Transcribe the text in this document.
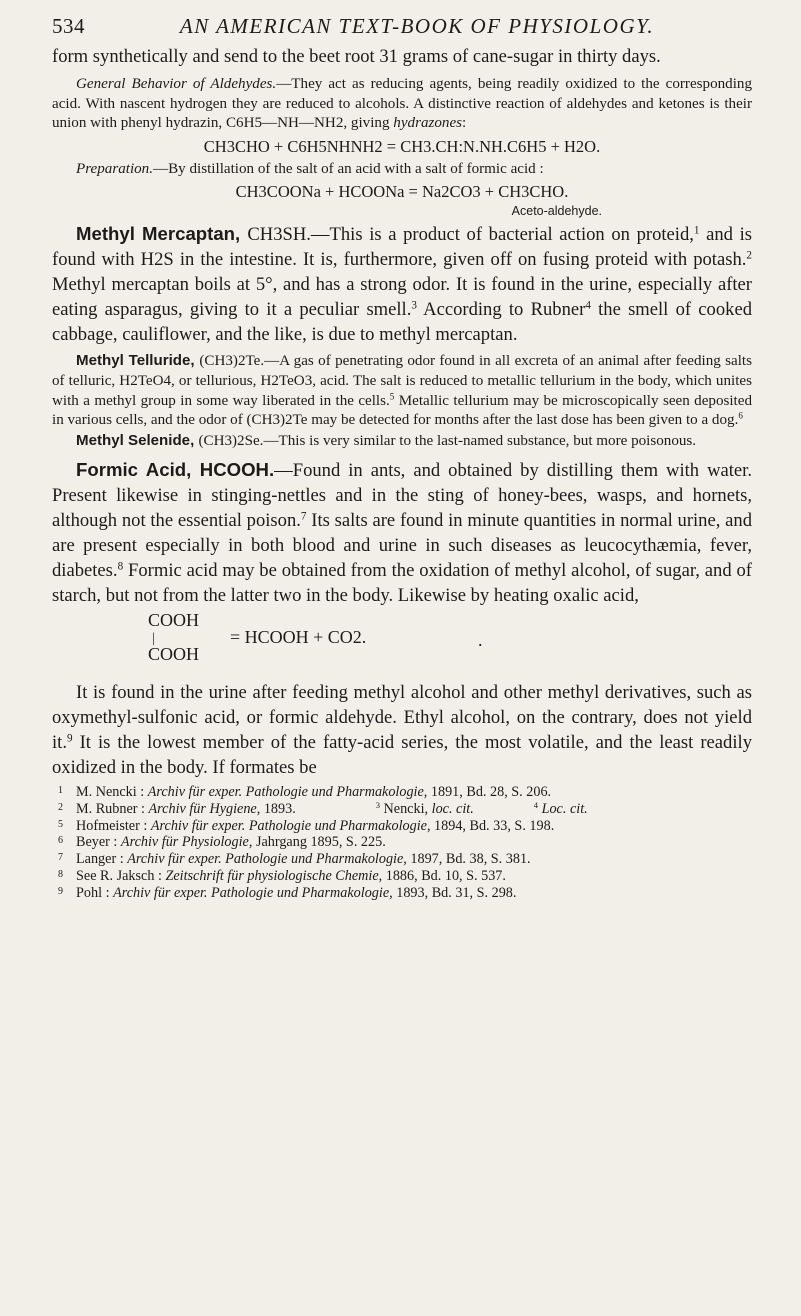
534	AN AMERICAN TEXT-BOOK OF PHYSIOLOGY.

form synthetically and send to the beet root 31 grams of cane-sugar in thirty days.

General Behavior of Aldehydes.—They act as reducing agents, being readily oxidized to the corresponding acid. With nascent hydrogen they are reduced to alcohols. A distinctive reaction of aldehydes and ketones is their union with phenyl hydrazin, C6H5—NH—NH2, giving hydrazones:

CH3CHO + C6H5NHNH2 = CH3.CH:N.NH.C6H5 + H2O.

Preparation.—By distillation of the salt of an acid with a salt of formic acid :

CH3COONa + HCOONa = Na2CO3 + CH3CHO.
Aceto-aldehyde.

Methyl Mercaptan, CH3SH.—This is a product of bacterial action on proteid,$^1$ and is found with H2S in the intestine. It is, furthermore, given off on fusing proteid with potash.$^2$ Methyl mercaptan boils at 5°, and has a strong odor. It is found in the urine, especially after eating asparagus, giving to it a peculiar smell.$^3$ According to Rubner$^4$ the smell of cooked cabbage, cauliflower, and the like, is due to methyl mercaptan.

Methyl Telluride, (CH3)2Te.—A gas of penetrating odor found in all excreta of an animal after feeding salts of telluric, H2TeO4, or tellurious, H2TeO3, acid. The salt is reduced to metallic tellurium in the body, which unites with a methyl group in some way liberated in the cells.$^5$ Metallic tellurium may be microscopically seen deposited in various cells, and the odor of (CH3)2Te may be detected for months after the last dose has been given to a dog.$^6$

Methyl Selenide, (CH3)2Se.—This is very similar to the last-named substance, but more poisonous.

Formic Acid, HCOOH.—Found in ants, and obtained by distilling them with water. Present likewise in stinging-nettles and in the sting of honey-bees, wasps, and hornets, although not the essential poison.$^7$ Its salts are found in minute quantities in normal urine, and are present especially in both blood and urine in such diseases as leucocythæmia, fever, diabetes.$^8$ Formic acid may be obtained from the oxidation of methyl alcohol, of sugar, and of starch, but not from the latter two in the body. Likewise by heating oxalic acid,

COOH
|
COOH
= HCOOH + CO2.	.

It is found in the urine after feeding methyl alcohol and other methyl derivatives, such as oxymethyl-sulfonic acid, or formic aldehyde. Ethyl alcohol, on the contrary, does not yield it.$^9$ It is the lowest member of the fatty-acid series, the most volatile, and the least readily oxidized in the body. If formates be

1 M. Nencki : Archiv für exper. Pathologie und Pharmakologie, 1891, Bd. 28, S. 206.
2 M. Rubner : Archiv für Hygiene, 1893.	$^3$ Nencki, loc. cit.	$^4$ Loc. cit.
5 Hofmeister : Archiv für exper. Pathologie und Pharmakologie, 1894, Bd. 33, S. 198.
6 Beyer : Archiv für Physiologie, Jahrgang 1895, S. 225.
7 Langer : Archiv für exper. Pathologie und Pharmakologie, 1897, Bd. 38, S. 381.
8 See R. Jaksch : Zeitschrift für physiologische Chemie, 1886, Bd. 10, S. 537.
9 Pohl : Archiv für exper. Pathologie und Pharmakologie, 1893, Bd. 31, S. 298.
